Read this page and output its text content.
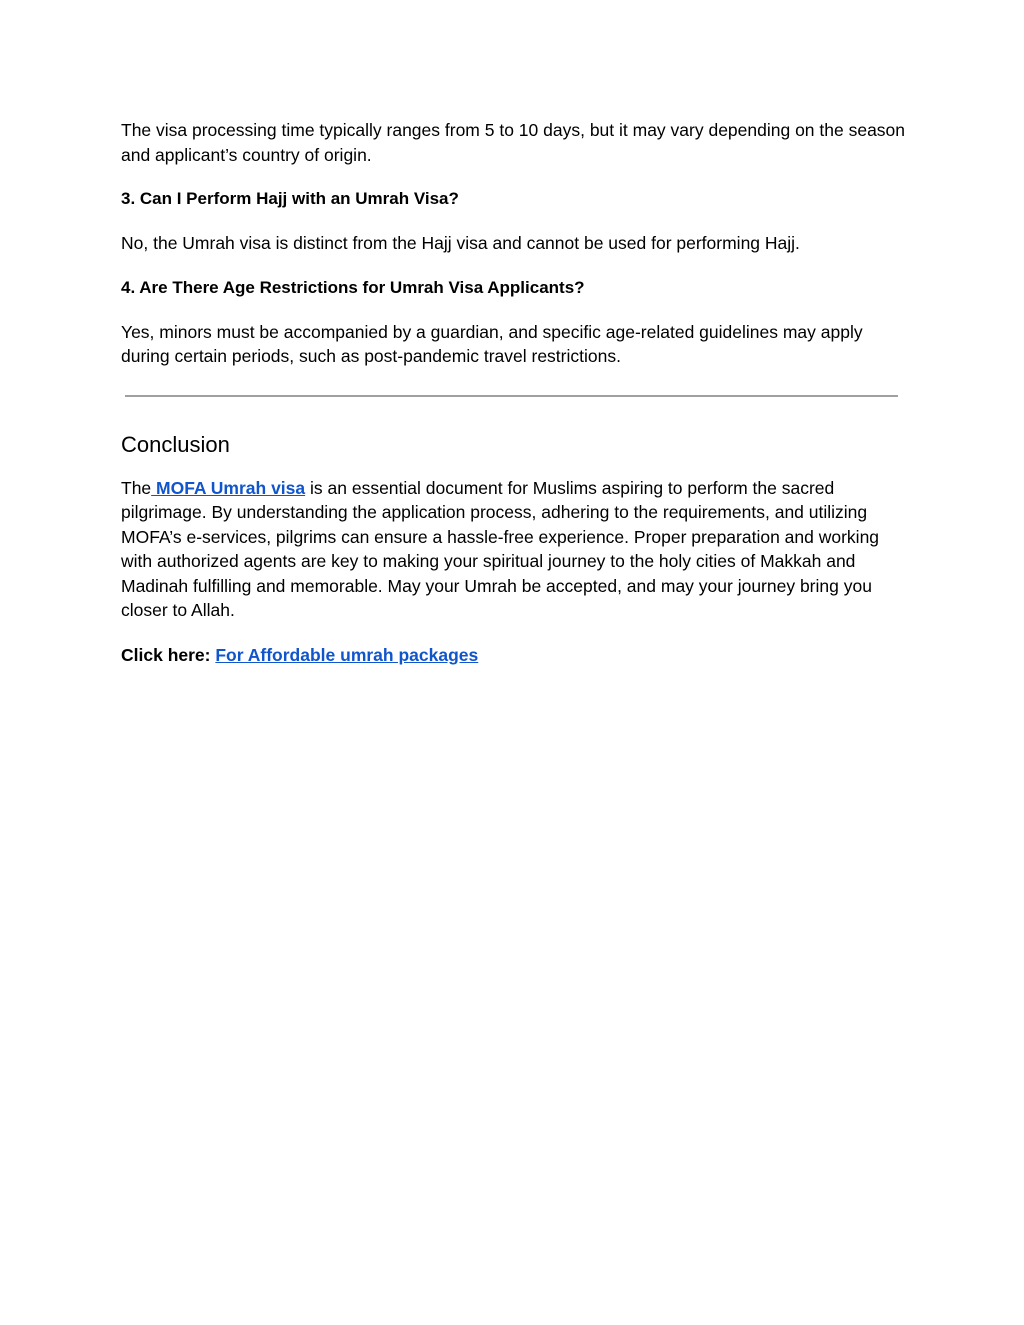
The visa processing time typically ranges from 5 to 10 days, but it may vary depending on the season and applicant’s country of origin.

3. Can I Perform Hajj with an Umrah Visa?

No, the Umrah visa is distinct from the Hajj visa and cannot be used for performing Hajj.

4. Are There Age Restrictions for Umrah Visa Applicants?

Yes, minors must be accompanied by a guardian, and specific age-related guidelines may apply during certain periods, such as post-pandemic travel restrictions.

Conclusion

The MOFA Umrah visa is an essential document for Muslims aspiring to perform the sacred pilgrimage. By understanding the application process, adhering to the requirements, and utilizing MOFA’s e-services, pilgrims can ensure a hassle-free experience. Proper preparation and working with authorized agents are key to making your spiritual journey to the holy cities of Makkah and Madinah fulfilling and memorable. May your Umrah be accepted, and may your journey bring you closer to Allah.

Click here: For Affordable umrah packages
